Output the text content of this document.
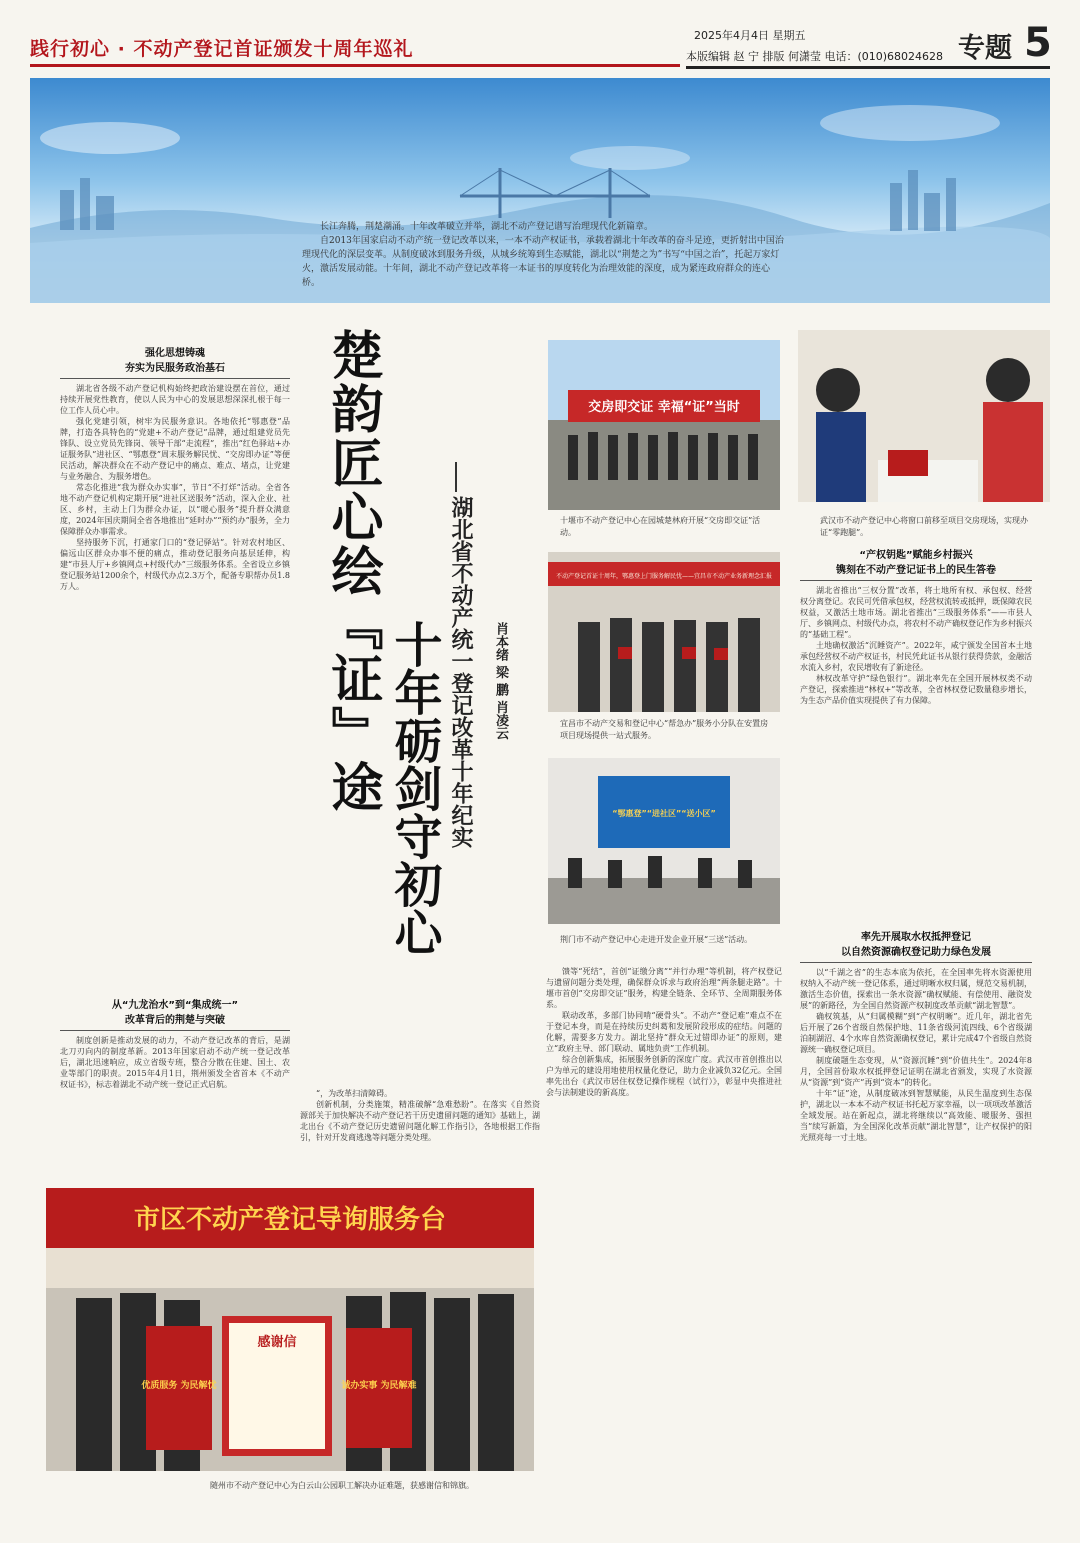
践行初心 · 不动产登记首证颁发十周年巡礼
2025年4月4日 星期五
本版编辑 赵 宁 排版 何潇莹 电话：(010)68024628 专题 5

长江奔腾，荆楚潮涌。十年改革破立并举，湖北不动产登记谱写治理现代化新篇章。

自2013年国家启动不动产统一登记改革以来，一本不动产权证书，承载着湖北十年改革的奋斗足迹，更折射出中国治理现代化的深层变革。从制度破冰到服务升级，从城乡统筹到生态赋能，湖北以“荆楚之为”书写“中国之治”，托起万家灯火，激活发展动能。十年间，湖北不动产登记改革将一本证书的厚度转化为治理效能的深度，成为紧连政府群众的连心桥。

楚韵匠心绘『证』途 十年砺剑守初心 湖北省不动产统一登记改革十年纪实 肖本绪 梁 鹏 肖凌云
强化思想铸魂
夯实为民服务政治基石

湖北省各级不动产登记机构始终把政治建设摆在首位，通过持续开展党性教育，使以人民为中心的发展思想深深扎根于每一位工作人员心中。

强化党建引领，树牢为民服务意识。各地依托“鄂惠登”品牌，打造各具特色的“党建+不动产登记”品牌，通过组建党员先锋队、设立党员先锋岗、领导干部“走流程”，推出“红色驿站+办证服务队”进社区、“鄂惠登”周末服务解民忧、“交房即办证”等便民活动，解决群众在不动产登记中的痛点、难点、堵点，让党建与业务融合、为服务增色。

常态化推进“我为群众办实事”，节日“不打烊”活动。全省各地不动产登记机构定期开展“进社区送服务”活动，深入企业、社区、乡村，主动上门为群众办证，以“暖心服务”提升群众满意度，2024年国庆期间全省各地推出“延时办”“预约办”服务，全力保障群众办事需求。

坚持服务下沉，打通家门口的“登记驿站”。针对农村地区、偏远山区群众办事不便的痛点，推动登记服务向基层延伸，构建“市县人厅+乡镇网点+村级代办”三级服务体系。全省设立乡镇登记服务站1200余个，村级代办点2.3万个，配备专职帮办员1.8万人。

从“九龙治水”到“集成统一”
改革背后的荆楚与突破

制度创新是推动发展的动力，不动产登记改革的背后，是湖北刀刃向内的制度革新。2013年国家启动不动产统一登记改革后，湖北迅速响应，成立省级专班，整合分散在住建、国土、农业等部门的职责。2015年4月1日，荆州颁发全省首本《不动产权证书》，标志着湖北不动产统一登记正式启航。

“，为改革扫清障碍。

创新机制，分类施策，精准破解“急难愁盼”。在落实《自然资源部关于加快解决不动产登记若干历史遗留问题的通知》基础上，湖北出台《不动产登记历史遗留问题化解工作指引》，各地根据工作指引，针对开发商逃逸等问题分类处理。

馈等“死结”，首创“证缴分离”“并行办理”等机制，将产权登记与遗留问题分类处理，确保群众诉求与政府治理“两条腿走路”。十堰市首创“交房即交证”服务，构建全链条、全环节、全周期服务体系。

联动改革，多部门协同啃“硬骨头”。不动产“登记难”难点不在于登记本身，而是在持续历史纠葛和发展阶段形成的症结。问题的化解，需要多方发力。湖北坚持“群众无过错即办证”的原则，建立“政府主导、部门联动、属地负责”工作机制。

综合创新集成，拓展服务创新的深度广度。武汉市首创推出以户为单元的建设用地使用权量化登记，助力企业减负32亿元。全国率先出台《武汉市居住权登记操作规程（试行）》，彰显中央推进社会与法制建设的新高度。

“产权钥匙”赋能乡村振兴
镌刻在不动产登记证书上的民生答卷

湖北省推出“三权分置”改革，将土地所有权、承包权、经营权分离登记。农民可凭借承包权，经营权流转或抵押，既保障农民权益，又激活土地市场。湖北省推出“三级服务体系”——市县人厅、乡镇网点、村级代办点，将农村不动产确权登记作为乡村振兴的“基础工程”。

土地确权激活“沉睡资产”。2022年，咸宁颁发全国首本土地承包经营权不动产权证书，村民凭此证书从银行获得贷款，金融活水流入乡村，农民增收有了新途径。

林权改革守护“绿色银行”。湖北率先在全国开展林权类不动产登记，探索推进“林权+”等改革，全省林权登记数量稳步增长，为生态产品价值实现提供了有力保障。

率先开展取水权抵押登记
以自然资源确权登记助力绿色发展

以“千湖之省”的生态本底为依托，在全国率先将水资源使用权纳入不动产统一登记体系，通过明晰水权归属，规范交易机制，激活生态价值，探索出一条水资源“确权赋能、有偿使用、融资发展”的新路径，为全国自然资源产权制度改革贡献“湖北智慧”。

确权筑基，从“归属模糊”到“产权明晰”。近几年，湖北省先后开展了26个省级自然保护地、11条省级河流四线、6个省级湖泊制湖沼、4个水库自然资源确权登记，累计完成47个省级自然资源统一确权登记项目。

制度破题生态变现，从“资源沉睡”到“价值共生”。2024年8月，全国首份取水权抵押登记证明在湖北省颁发，实现了水资源从“资源”到“资产”再到“资本”的转化。

十年“证”途，从制度破冰到智慧赋能，从民生温度到生态保护，湖北以一本本不动产权证书托起万家幸福，以一项项改革激活全域发展。站在新起点，湖北将继续以“高效能、暖服务、强担当”续写新篇，为全国深化改革贡献“湖北智慧”，让产权保护的阳光照亮每一寸土地。

交房即交证 幸福“证”当时
十堰市不动产登记中心在园城楚林府开展“交房即交证”活动。
武汉市不动产登记中心将窗口前移至项目交房现场，实现办证“零跑腿”。
不动产登记首证十周年，鄂惠登上门服务解民忧——宜昌市不动产业务新理念汇报
宜昌市不动产交易和登记中心“帮急办”服务小分队在安置房项目现场提供一站式服务。
“鄂惠登”“进社区”“送小区”
荆门市不动产登记中心走进开发企业开展“三送”活动。
市区不动产登记导询服务台
优质服务 为民解忧
感谢信
诚办实事 为民解难
随州市不动产登记中心为白云山公园职工解决办证难题，获感谢信和锦旗。
